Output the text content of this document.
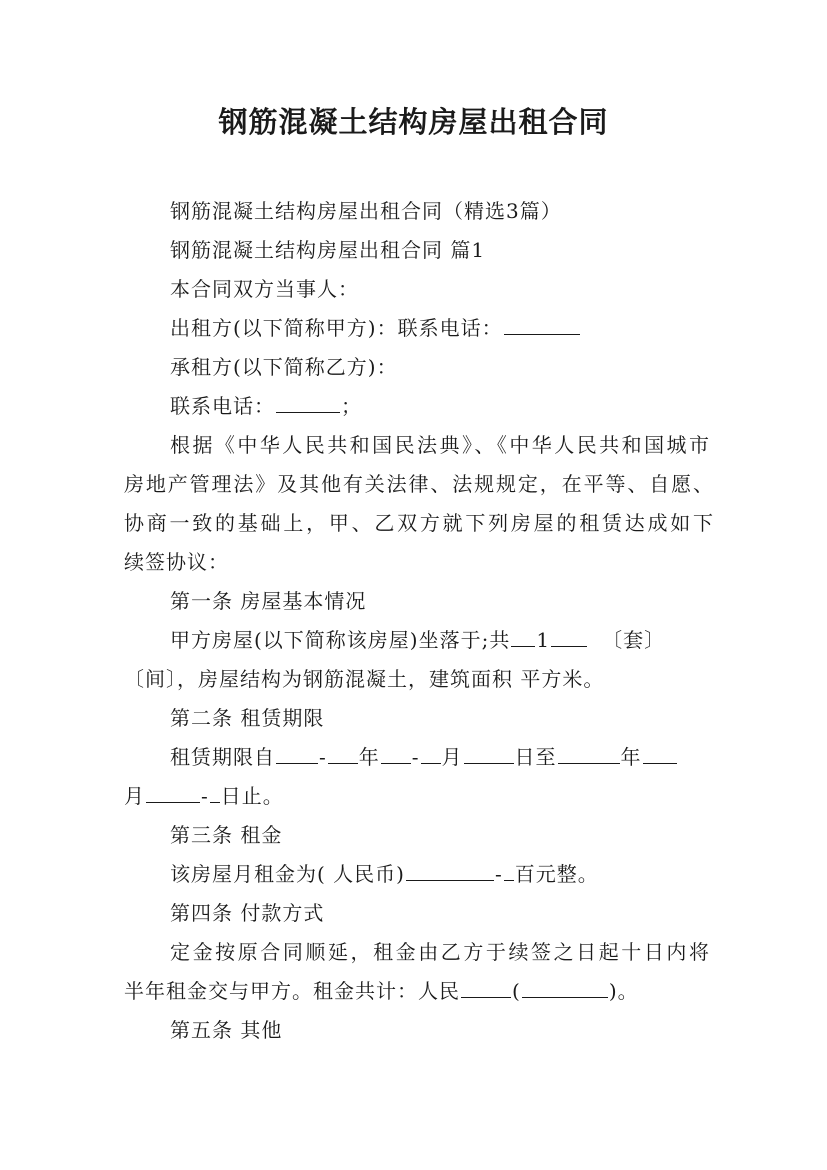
钢筋混凝土结构房屋出租合同
钢筋混凝土结构房屋出租合同（精选3篇）
钢筋混凝土结构房屋出租合同 篇1
本合同双方当事人：
出租方(以下简称甲方)：联系电话：
承租方(以下简称乙方)：
联系电话：	；
根据《中华人民共和国民法典》、《中华人民共和国城市
房地产管理法》及其他有关法律、法规规定，在平等、自愿、
协商一致的基础上，甲、乙双方就下列房屋的租赁达成如下
续签协议：
第一条 房屋基本情况
甲方房屋(以下简称该房屋)坐落于;共 1	〔套〕
〔间〕，房屋结构为钢筋混凝土，建筑面积 平方米。
第二条 租赁期限
租赁期限自 - 年 - 月	日至	年
月	- 日止。
第三条 租金
该房屋月租金为( 人民币)	- 百元整。
第四条 付款方式
定金按原合同顺延，租金由乙方于续签之日起十日内将
半年租金交与甲方。租金共计：人民	(	)。
第五条 其他
